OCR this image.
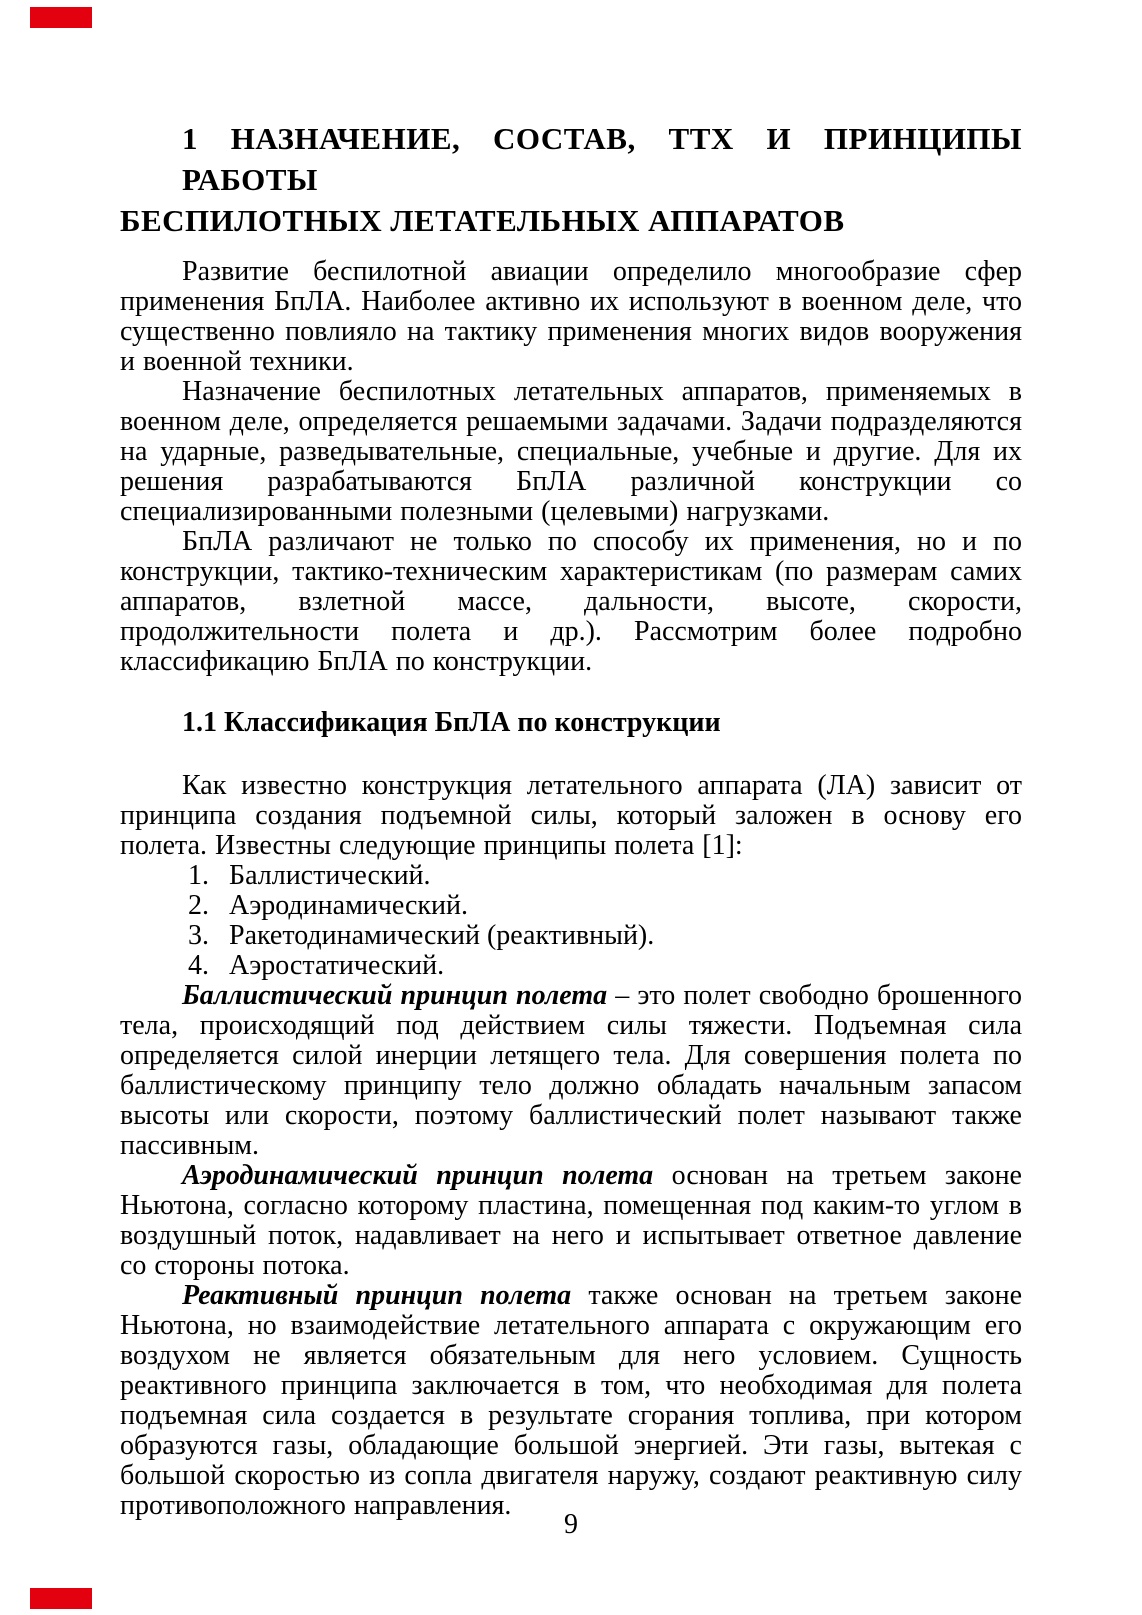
1 НАЗНАЧЕНИЕ, СОСТАВ, ТТХ И ПРИНЦИПЫ РАБОТЫ
БЕСПИЛОТНЫХ ЛЕТАТЕЛЬНЫХ АППАРАТОВ

Развитие беспилотной авиации определило многообразие сфер применения БпЛА. Наиболее активно их используют в военном деле, что существенно повлияло на тактику применения многих видов вооружения и военной техники.

Назначение беспилотных летательных аппаратов, применяемых в военном деле, определяется решаемыми задачами. Задачи подразделяются на ударные, разведывательные, специальные, учебные и другие. Для их решения разрабатываются БпЛА различной конструкции со специализированными полезными (целевыми) нагрузками.

БпЛА различают не только по способу их применения, но и по конструкции, тактико-техническим характеристикам (по размерам самих аппаратов, взлетной массе, дальности, высоте, скорости, продолжительности полета и др.). Рассмотрим более подробно классификацию БпЛА по конструкции.

1.1 Классификация БпЛА по конструкции

Как известно конструкция летательного аппарата (ЛА) зависит от принципа создания подъемной силы, который заложен в основу его полета. Известны следующие принципы полета [1]:

1. Баллистический.
2. Аэродинамический.
3. Ракетодинамический (реактивный).
4. Аэростатический.

Баллистический принцип полета – это полет свободно брошенного тела, происходящий под действием силы тяжести. Подъемная сила определяется силой инерции летящего тела. Для совершения полета по баллистическому принципу тело должно обладать начальным запасом высоты или скорости, поэтому баллистический полет называют также пассивным.

Аэродинамический принцип полета основан на третьем законе Ньютона, согласно которому пластина, помещенная под каким-то углом в воздушный поток, надавливает на него и испытывает ответное давление со стороны потока.

Реактивный принцип полета также основан на третьем законе Ньютона, но взаимодействие летательного аппарата с окружающим его воздухом не является обязательным для него условием. Сущность реактивного принципа заключается в том, что необходимая для полета подъемная сила создается в результате сгорания топлива, при котором образуются газы, обладающие большой энергией. Эти газы, вытекая с большой скоростью из сопла двигателя наружу, создают реактивную силу противоположного направления.

9
